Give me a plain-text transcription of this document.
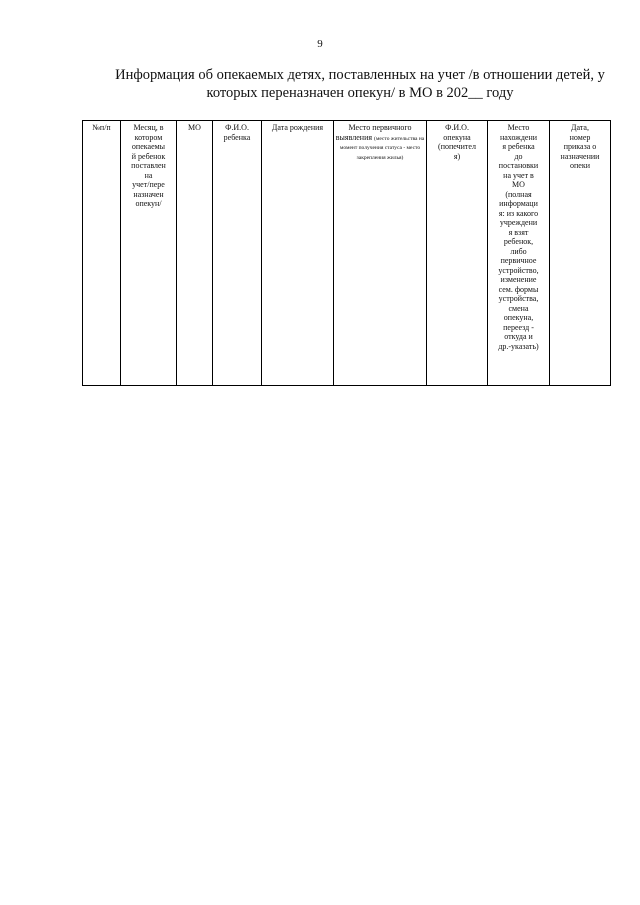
9
Информация об опекаемых детях, поставленных на учет /в отношении детей, у
которых переназначен опекун/ в МО в 202__ году
№п/п	Месяц, в
котором
опекаемы
й ребенок
поставлен
на
учет/пере
назначен
опекун/	МО	Ф.И.О.
ребенка	Дата рождения	Место первичного
выявления (место жительства на момент получения статуса - место закрепления жилья)	Ф.И.О.
опекуна
(попечител
я)	Место
нахождени
я ребенка
до
постановки
на учет в
МО
(полная
информаци
я: из какого
учреждени
я взят
ребенок,
либо
первичное
устройство,
изменение
сем. формы
устройства,
смена
опекуна,
переезд -
откуда и
др.-указать)	Дата,
номер
приказа о
назначении
опеки
